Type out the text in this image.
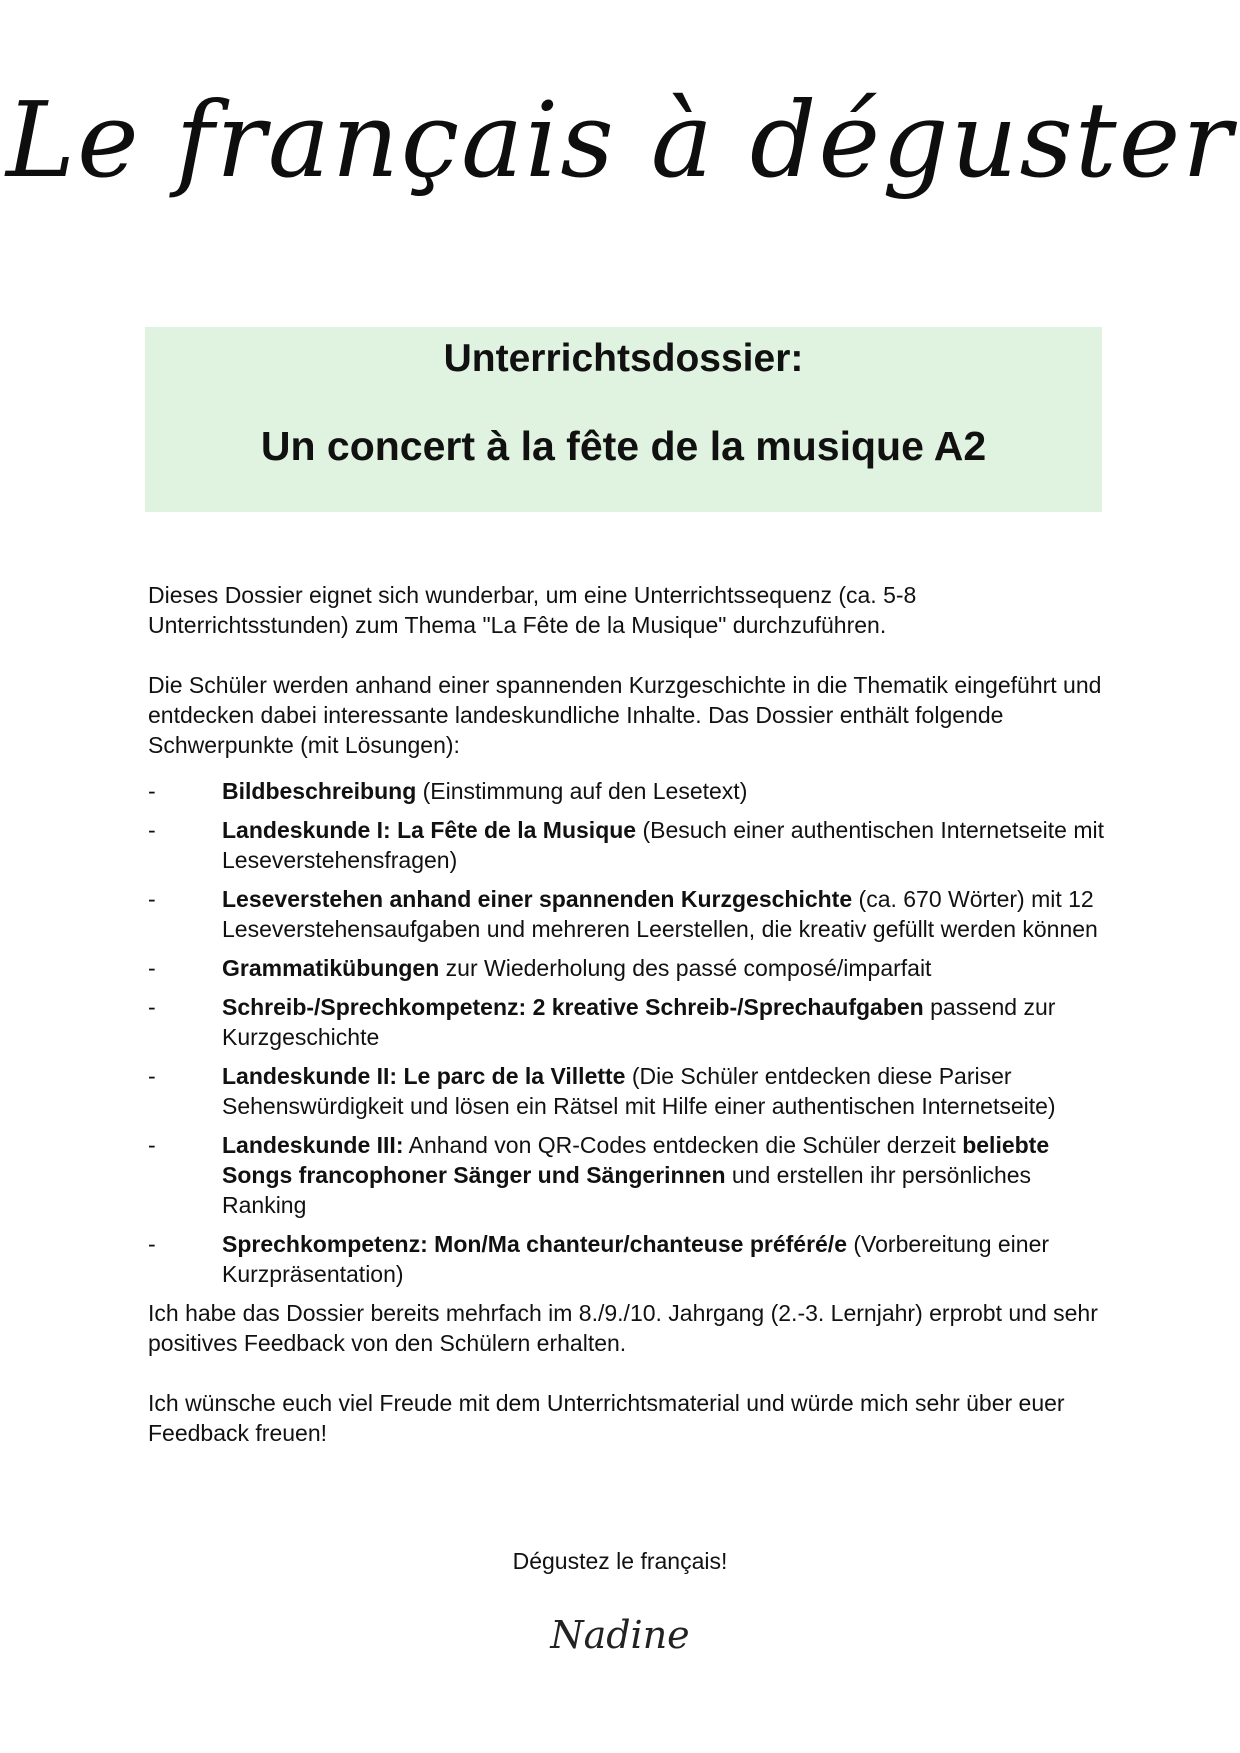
Le français à déguster
Unterrichtsdossier:
Un concert à la fête de la musique A2

Dieses Dossier eignet sich wunderbar, um eine Unterrichtssequenz (ca. 5-8 Unterrichtsstunden) zum Thema "La Fête de la Musique" durchzuführen.

Die Schüler werden anhand einer spannenden Kurzgeschichte in die Thematik eingeführt und entdecken dabei interessante landeskundliche Inhalte. Das Dossier enthält folgende Schwerpunkte (mit Lösungen):

-	Bildbeschreibung (Einstimmung auf den Lesetext)
-	Landeskunde I: La Fête de la Musique (Besuch einer authentischen Internetseite mit Leseverstehensfragen)
-	Leseverstehen anhand einer spannenden Kurzgeschichte (ca. 670 Wörter) mit 12 Leseverstehensaufgaben und mehreren Leerstellen, die kreativ gefüllt werden können
-	Grammatikübungen zur Wiederholung des passé composé/imparfait
-	Schreib-/Sprechkompetenz: 2 kreative Schreib-/Sprechaufgaben passend zur Kurzgeschichte
-	Landeskunde II: Le parc de la Villette (Die Schüler entdecken diese Pariser Sehenswürdigkeit und lösen ein Rätsel mit Hilfe einer authentischen Internetseite)
-	Landeskunde III: Anhand von QR-Codes entdecken die Schüler derzeit beliebte Songs francophoner Sänger und Sängerinnen und erstellen ihr persönliches Ranking
-	Sprechkompetenz: Mon/Ma chanteur/chanteuse préféré/e (Vorbereitung einer Kurzpräsentation)

Ich habe das Dossier bereits mehrfach im 8./9./10. Jahrgang (2.-3. Lernjahr) erprobt und sehr positives Feedback von den Schülern erhalten.

Ich wünsche euch viel Freude mit dem Unterrichtsmaterial und würde mich sehr über euer Feedback freuen!

Dégustez le français!
Nadine
